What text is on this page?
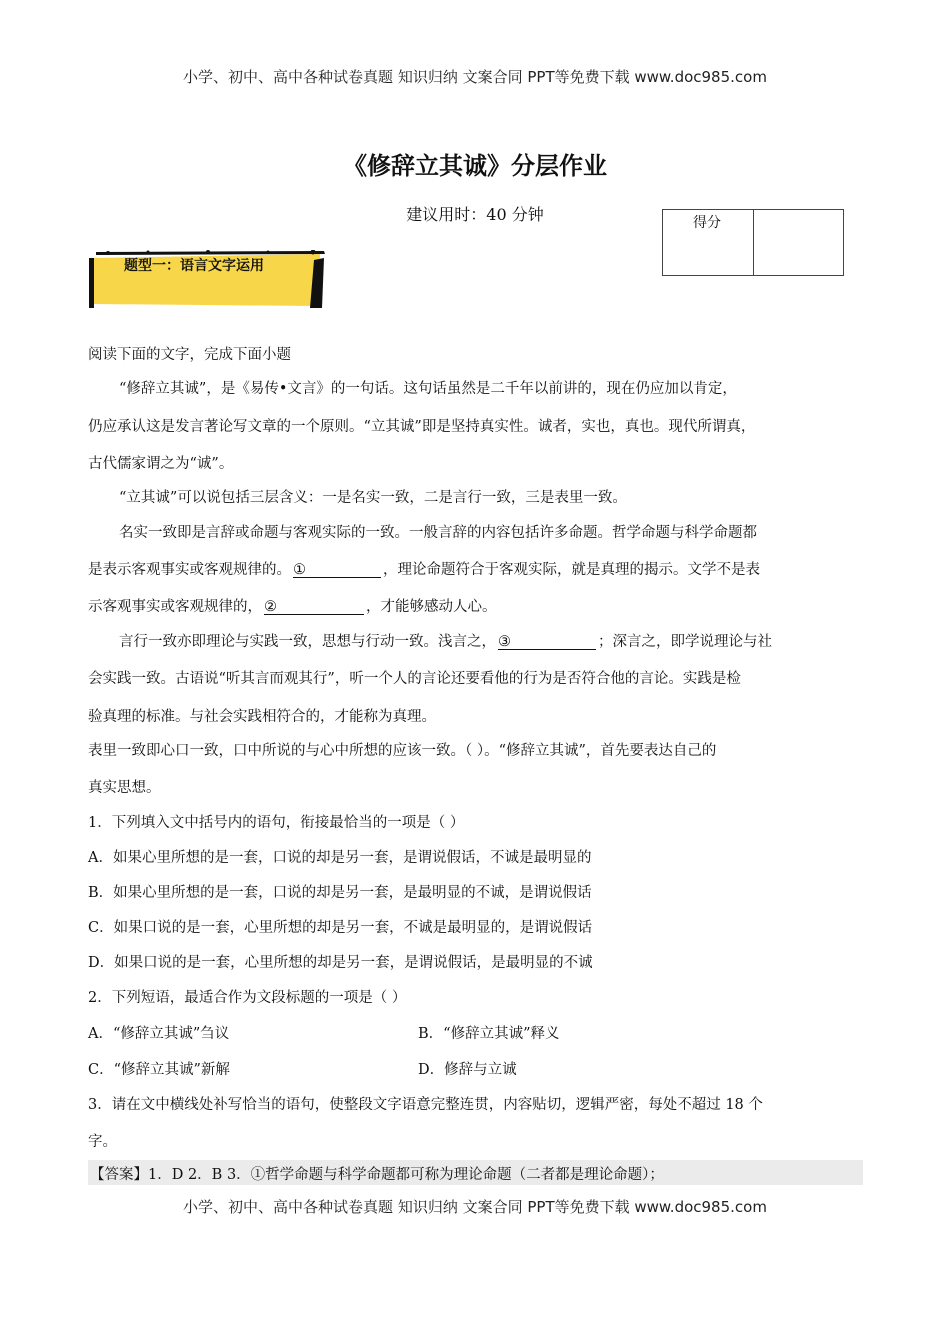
小学、初中、高中各种试卷真题 知识归纳 文案合同 PPT等免费下载 www.doc985.com
《修辞立其诚》分层作业
建议用时：40 分钟	得分
题型一：语言文字运用
阅读下面的文字，完成下面小题
“修辞立其诚”，是《易传•文言》的一句话。这句话虽然是二千年以前讲的，现在仍应加以肯定，
仍应承认这是发言著论写文章的一个原则。“立其诚”即是坚持真实性。诚者，实也，真也。现代所谓真，
古代儒家谓之为“诚”。
“立其诚”可以说包括三层含义：一是名实一致，二是言行一致，三是表里一致。
名实一致即是言辞或命题与客观实际的一致。一般言辞的内容包括许多命题。哲学命题与科学命题都
是表示客观事实或客观规律的。 ①	，理论命题符合于客观实际，就是真理的揭示。文学不是表
示客观事实或客观规律的， ②	，才能够感动人心。
言行一致亦即理论与实践一致，思想与行动一致。浅言之， ③	；深言之，即学说理论与社
会实践一致。古语说“听其言而观其行”，听一个人的言论还要看他的行为是否符合他的言论。实践是检
验真理的标准。与社会实践相符合的，才能称为真理。
表里一致即心口一致，口中所说的与心中所想的应该一致。（ ）。“修辞立其诚”，首先要表达自己的
真实思想。
1．下列填入文中括号内的语句，衔接最恰当的一项是（ ）
A．如果心里所想的是一套，口说的却是另一套，是谓说假话，不诚是最明显的
B．如果心里所想的是一套，口说的却是另一套，是最明显的不诚，是谓说假话
C．如果口说的是一套，心里所想的却是另一套，不诚是最明显的，是谓说假话
D．如果口说的是一套，心里所想的却是另一套，是谓说假话，是最明显的不诚
2．下列短语，最适合作为文段标题的一项是（ ）
A．“修辞立其诚”刍议	B．“修辞立其诚”释义
C．“修辞立其诚”新解	D．修辞与立诚
3．请在文中横线处补写恰当的语句，使整段文字语意完整连贯，内容贴切，逻辑严密，每处不超过 18 个
字。
【答案】1．D 2．B 3．①哲学命题与科学命题都可称为理论命题（二者都是理论命题）；
小学、初中、高中各种试卷真题 知识归纳 文案合同 PPT等免费下载 www.doc985.com
